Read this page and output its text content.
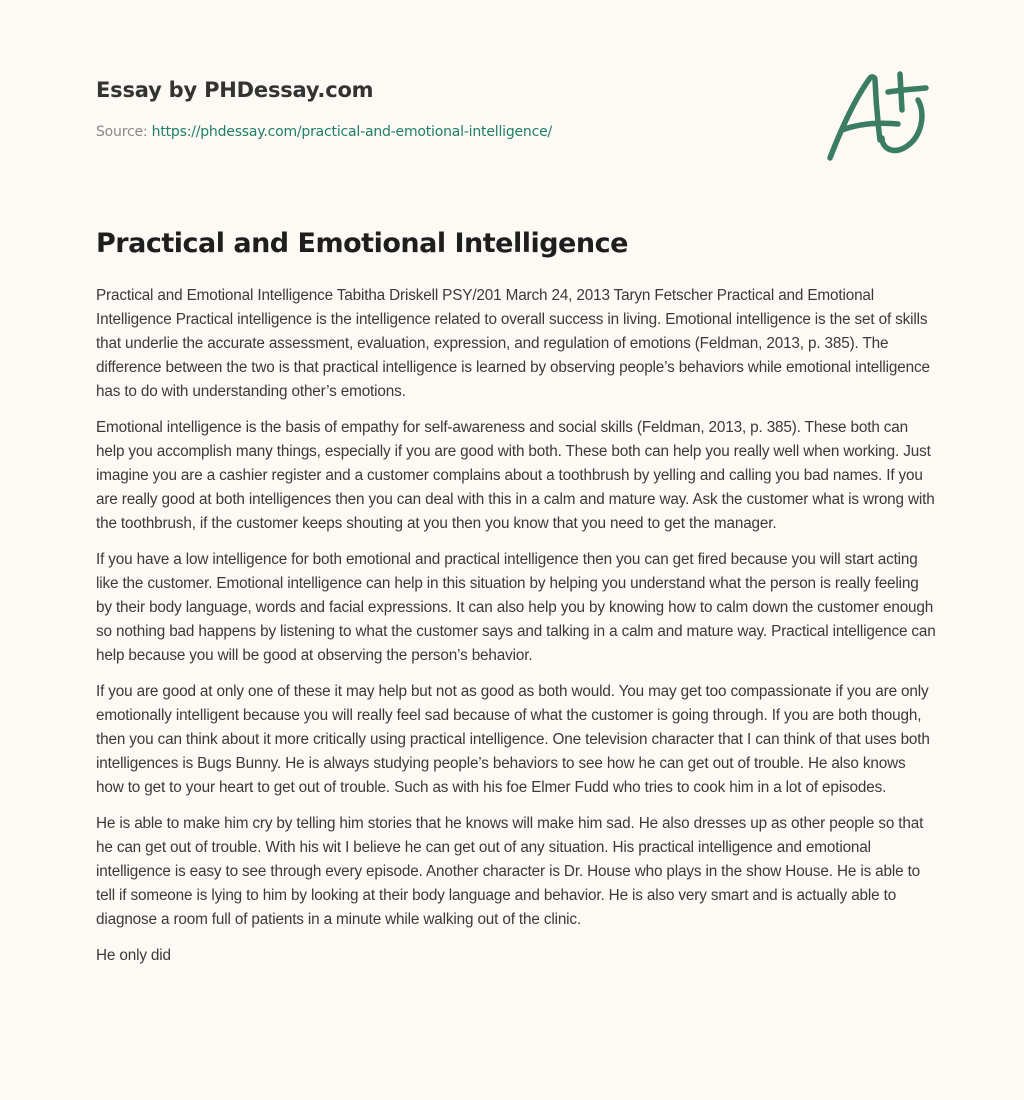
Essay by PHDessay.com
Source: https://phdessay.com/practical-and-emotional-intelligence/
Practical and Emotional Intelligence

Practical and Emotional Intelligence Tabitha Driskell PSY/201 March 24, 2013 Taryn Fetscher Practical and Emotional Intelligence Practical intelligence is the intelligence related to overall success in living. Emotional intelligence is the set of skills that underlie the accurate assessment, evaluation, expression, and regulation of emotions (Feldman, 2013, p. 385). The difference between the two is that practical intelligence is learned by observing people’s behaviors while emotional intelligence has to do with understanding other’s emotions.

Emotional intelligence is the basis of empathy for self-awareness and social skills (Feldman, 2013, p. 385). These both can help you accomplish many things, especially if you are good with both. These both can help you really well when working. Just imagine you are a cashier register and a customer complains about a toothbrush by yelling and calling you bad names. If you are really good at both intelligences then you can deal with this in a calm and mature way. Ask the customer what is wrong with the toothbrush, if the customer keeps shouting at you then you know that you need to get the manager.

If you have a low intelligence for both emotional and practical intelligence then you can get fired because you will start acting like the customer. Emotional intelligence can help in this situation by helping you understand what the person is really feeling by their body language, words and facial expressions. It can also help you by knowing how to calm down the customer enough so nothing bad happens by listening to what the customer says and talking in a calm and mature way. Practical intelligence can help because you will be good at observing the person’s behavior.

If you are good at only one of these it may help but not as good as both would. You may get too compassionate if you are only emotionally intelligent because you will really feel sad because of what the customer is going through. If you are both though, then you can think about it more critically using practical intelligence. One television character that I can think of that uses both intelligences is Bugs Bunny. He is always studying people’s behaviors to see how he can get out of trouble. He also knows how to get to your heart to get out of trouble. Such as with his foe Elmer Fudd who tries to cook him in a lot of episodes.

He is able to make him cry by telling him stories that he knows will make him sad. He also dresses up as other people so that he can get out of trouble. With his wit I believe he can get out of any situation. His practical intelligence and emotional intelligence is easy to see through every episode. Another character is Dr. House who plays in the show House. He is able to tell if someone is lying to him by looking at their body language and behavior. He is also very smart and is actually able to diagnose a room full of patients in a minute while walking out of the clinic.

He only did
